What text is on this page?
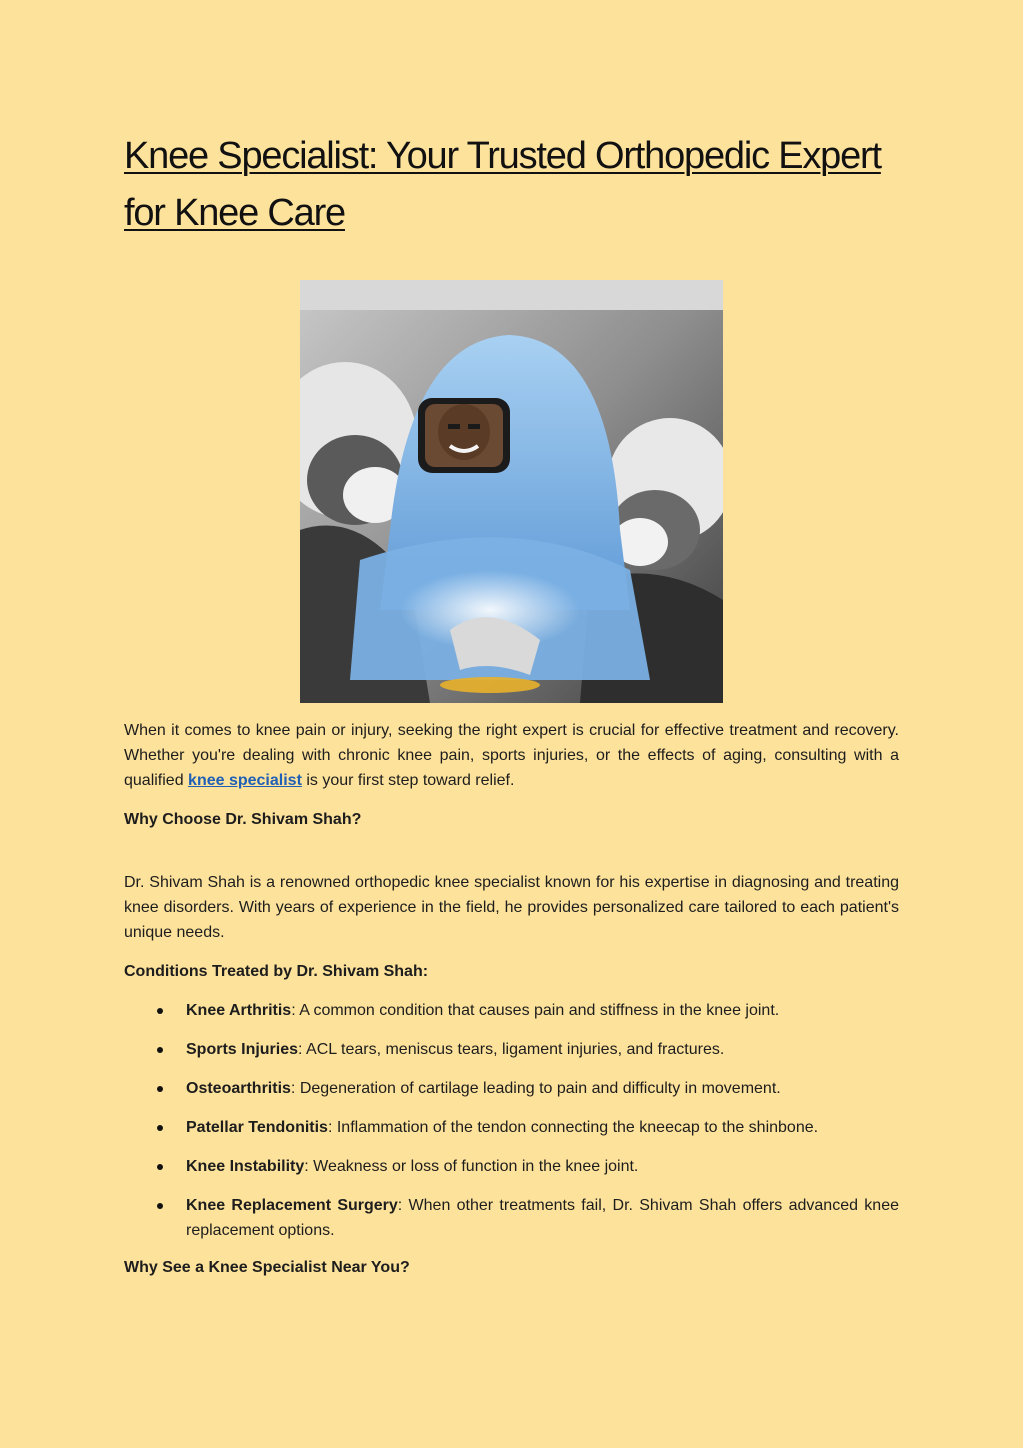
Knee Specialist: Your Trusted Orthopedic Expert for Knee Care

When it comes to knee pain or injury, seeking the right expert is crucial for effective treatment and recovery. Whether you're dealing with chronic knee pain, sports injuries, or the effects of aging, consulting with a qualified knee specialist is your first step toward relief.

Why Choose Dr. Shivam Shah?

Dr. Shivam Shah is a renowned orthopedic knee specialist known for his expertise in diagnosing and treating knee disorders. With years of experience in the field, he provides personalized care tailored to each patient's unique needs.

Conditions Treated by Dr. Shivam Shah:

Knee Arthritis: A common condition that causes pain and stiffness in the knee joint.
Sports Injuries: ACL tears, meniscus tears, ligament injuries, and fractures.
Osteoarthritis: Degeneration of cartilage leading to pain and difficulty in movement.
Patellar Tendonitis: Inflammation of the tendon connecting the kneecap to the shinbone.
Knee Instability: Weakness or loss of function in the knee joint.
Knee Replacement Surgery: When other treatments fail, Dr. Shivam Shah offers advanced knee replacement options.

Why See a Knee Specialist Near You?
